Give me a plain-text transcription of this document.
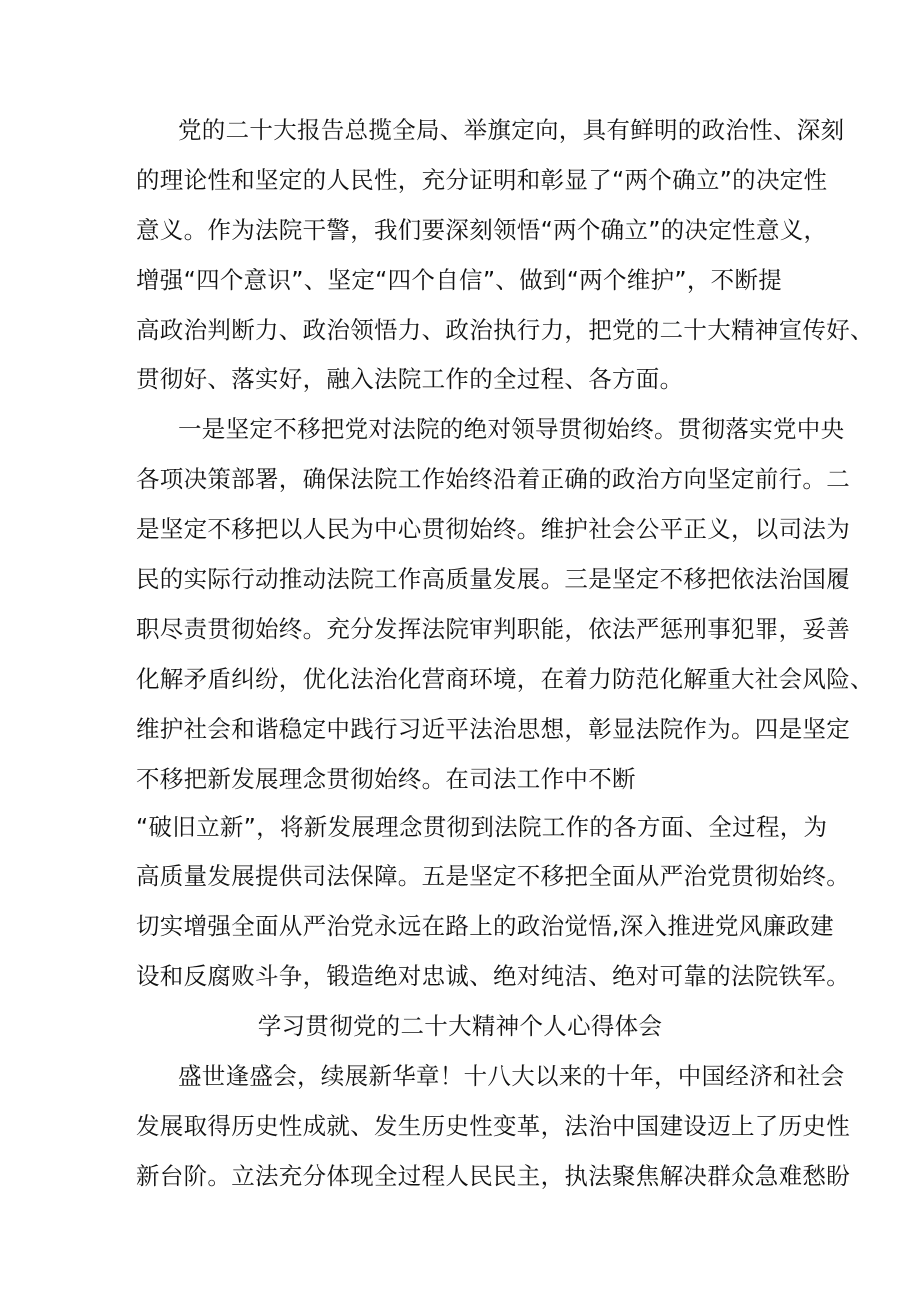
党的二十大报告总揽全局、举旗定向，具有鲜明的政治性、深刻
的理论性和坚定的人民性，充分证明和彰显了“两个确立”的决定性
意义。作为法院干警，我们要深刻领悟“两个确立”的决定性意义，
增强“四个意识”、坚定“四个自信”、做到“两个维护”，不断提
高政治判断力、政治领悟力、政治执行力，把党的二十大精神宣传好、
贯彻好、落实好，融入法院工作的全过程、各方面。
一是坚定不移把党对法院的绝对领导贯彻始终。贯彻落实党中央
各项决策部署，确保法院工作始终沿着正确的政治方向坚定前行。二
是坚定不移把以人民为中心贯彻始终。维护社会公平正义，以司法为
民的实际行动推动法院工作高质量发展。三是坚定不移把依法治国履
职尽责贯彻始终。充分发挥法院审判职能，依法严惩刑事犯罪，妥善
化解矛盾纠纷，优化法治化营商环境，在着力防范化解重大社会风险、
维护社会和谐稳定中践行习近平法治思想，彰显法院作为。四是坚定
不移把新发展理念贯彻始终。在司法工作中不断
“破旧立新”，将新发展理念贯彻到法院工作的各方面、全过程，为
高质量发展提供司法保障。五是坚定不移把全面从严治党贯彻始终。
切实增强全面从严治党永远在路上的政治觉悟,深入推进党风廉政建
设和反腐败斗争，锻造绝对忠诚、绝对纯洁、绝对可靠的法院铁军。
学习贯彻党的二十大精神个人心得体会
盛世逢盛会，续展新华章！十八大以来的十年，中国经济和社会
发展取得历史性成就、发生历史性变革，法治中国建设迈上了历史性
新台阶。立法充分体现全过程人民民主，执法聚焦解决群众急难愁盼
